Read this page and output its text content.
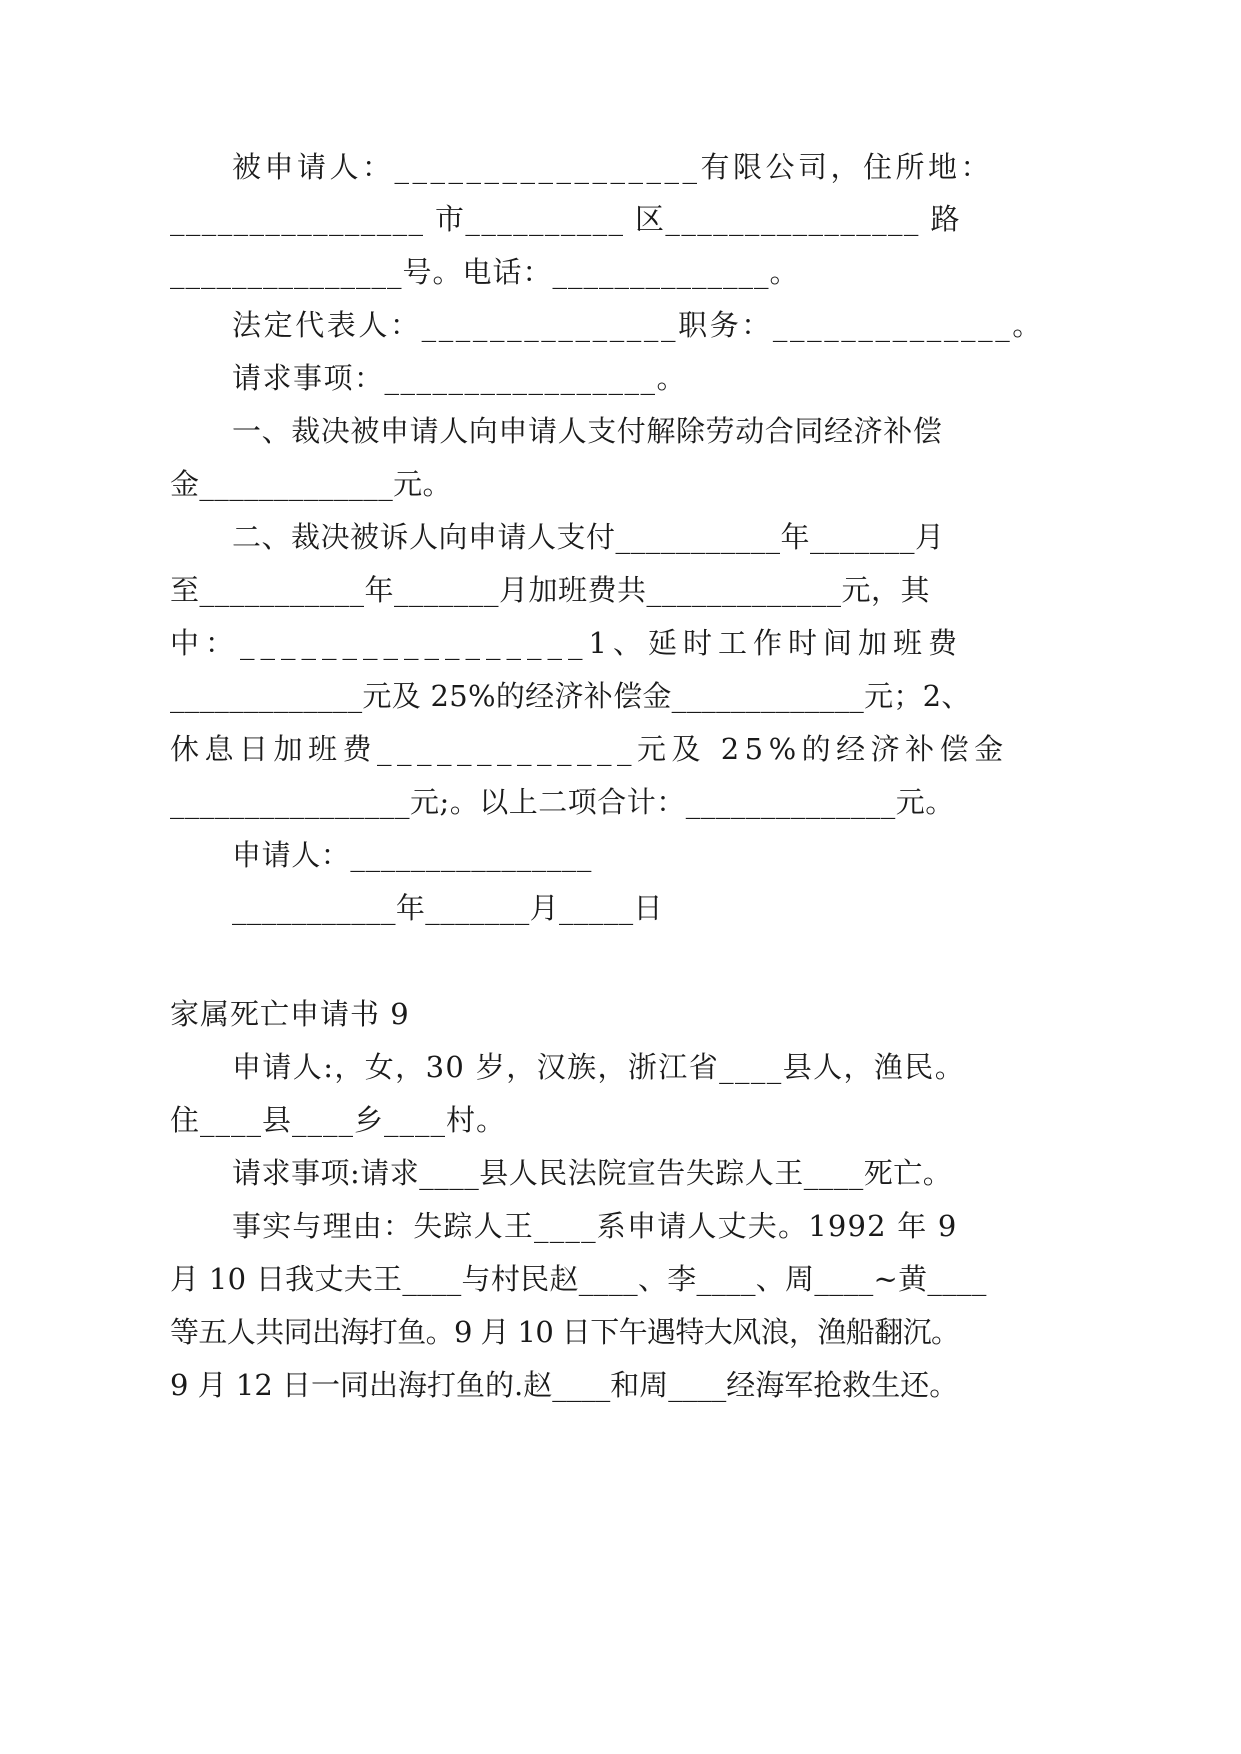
被申请人：_________________有限公司，住所地：
________________ 市__________ 区________________ 路
_______________号。电话：______________。
法定代表人：_______________职务：______________。
请求事项：_________________。
一、裁决被申请人向申请人支付解除劳动合同经济补偿
金_____________元。
二、裁决被诉人向申请人支付___________年_______月
至___________年_______月加班费共_____________元，其
中：_________________1、延时工作时间加班费
_____________元及 25%的经济补偿金_____________元；2、
休息日加班费_____________元及 25%的经济补偿金
________________元;。以上二项合计：______________元。
申请人：________________
___________年_______月_____日
家属死亡申请书 9
申请人:，女，30 岁，汉族，浙江省____县人，渔民。
住____县____乡____村。
请求事项:请求____县人民法院宣告失踪人王____死亡。
事实与理由：失踪人王____系申请人丈夫。1992 年 9
月 10 日我丈夫王____与村民赵____、李____、周____~黄____
等五人共同出海打鱼。9 月 10 日下午遇特大风浪，渔船翻沉。
9 月 12 日一同出海打鱼的.赵____和周____经海军抢救生还。
